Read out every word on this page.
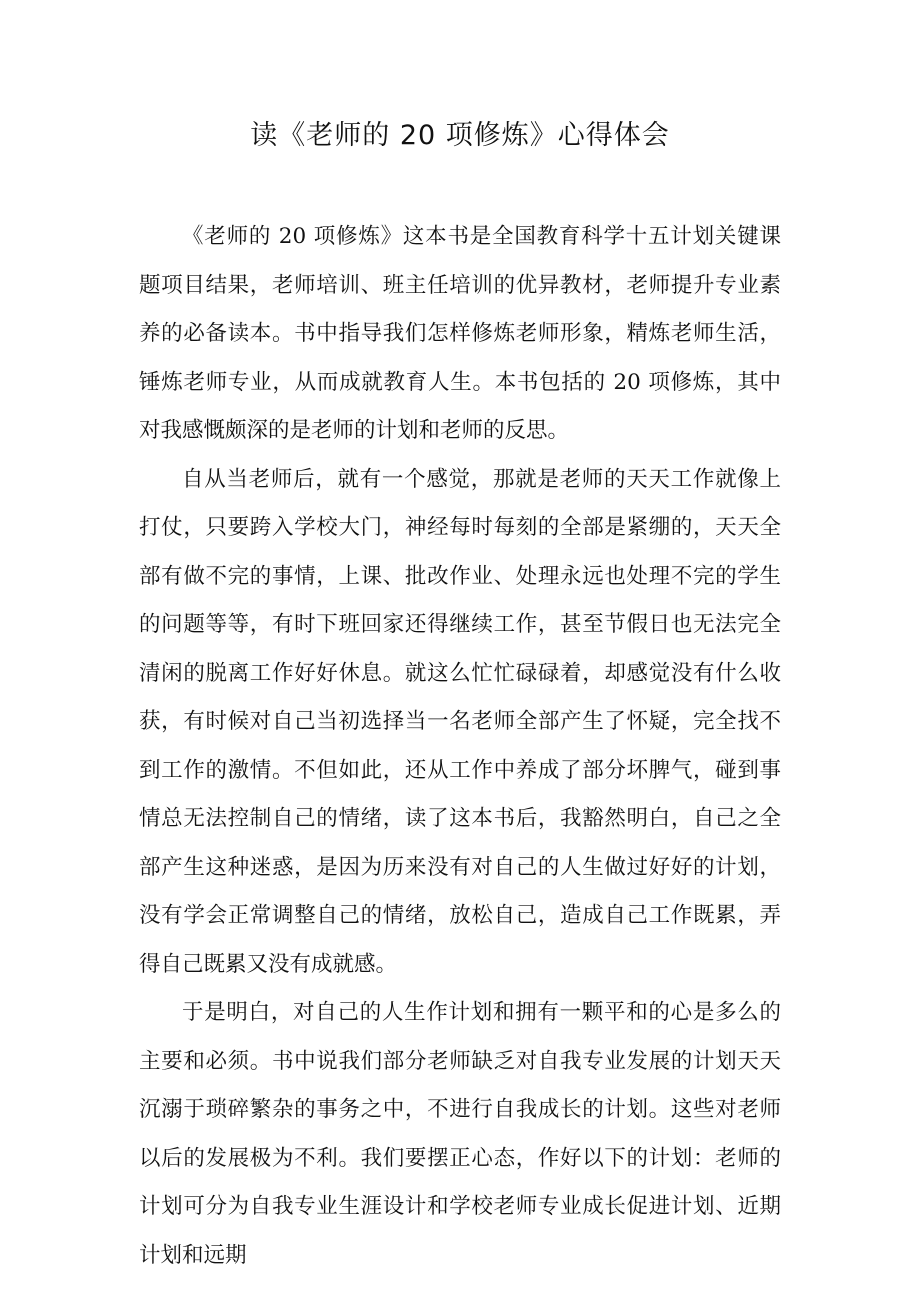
读《老师的 20 项修炼》心得体会

《老师的 20 项修炼》这本书是全国教育科学十五计划关键课题项目结果，老师培训、班主任培训的优异教材，老师提升专业素养的必备读本。书中指导我们怎样修炼老师形象，精炼老师生活，锤炼老师专业，从而成就教育人生。本书包括的 20 项修炼，其中对我感慨颇深的是老师的计划和老师的反思。

自从当老师后，就有一个感觉，那就是老师的天天工作就像上打仗，只要跨入学校大门，神经每时每刻的全部是紧绷的，天天全部有做不完的事情，上课、批改作业、处理永远也处理不完的学生的问题等等，有时下班回家还得继续工作，甚至节假日也无法完全清闲的脱离工作好好休息。就这么忙忙碌碌着，却感觉没有什么收获，有时候对自己当初选择当一名老师全部产生了怀疑，完全找不到工作的激情。不但如此，还从工作中养成了部分坏脾气，碰到事情总无法控制自己的情绪，读了这本书后，我豁然明白，自己之全部产生这种迷惑，是因为历来没有对自己的人生做过好好的计划，没有学会正常调整自己的情绪，放松自己，造成自己工作既累，弄得自己既累又没有成就感。

于是明白，对自己的人生作计划和拥有一颗平和的心是多么的主要和必须。书中说我们部分老师缺乏对自我专业发展的计划天天沉溺于琐碎繁杂的事务之中，不进行自我成长的计划。这些对老师以后的发展极为不利。我们要摆正心态，作好以下的计划：老师的计划可分为自我专业生涯设计和学校老师专业成长促进计划、近期计划和远期
